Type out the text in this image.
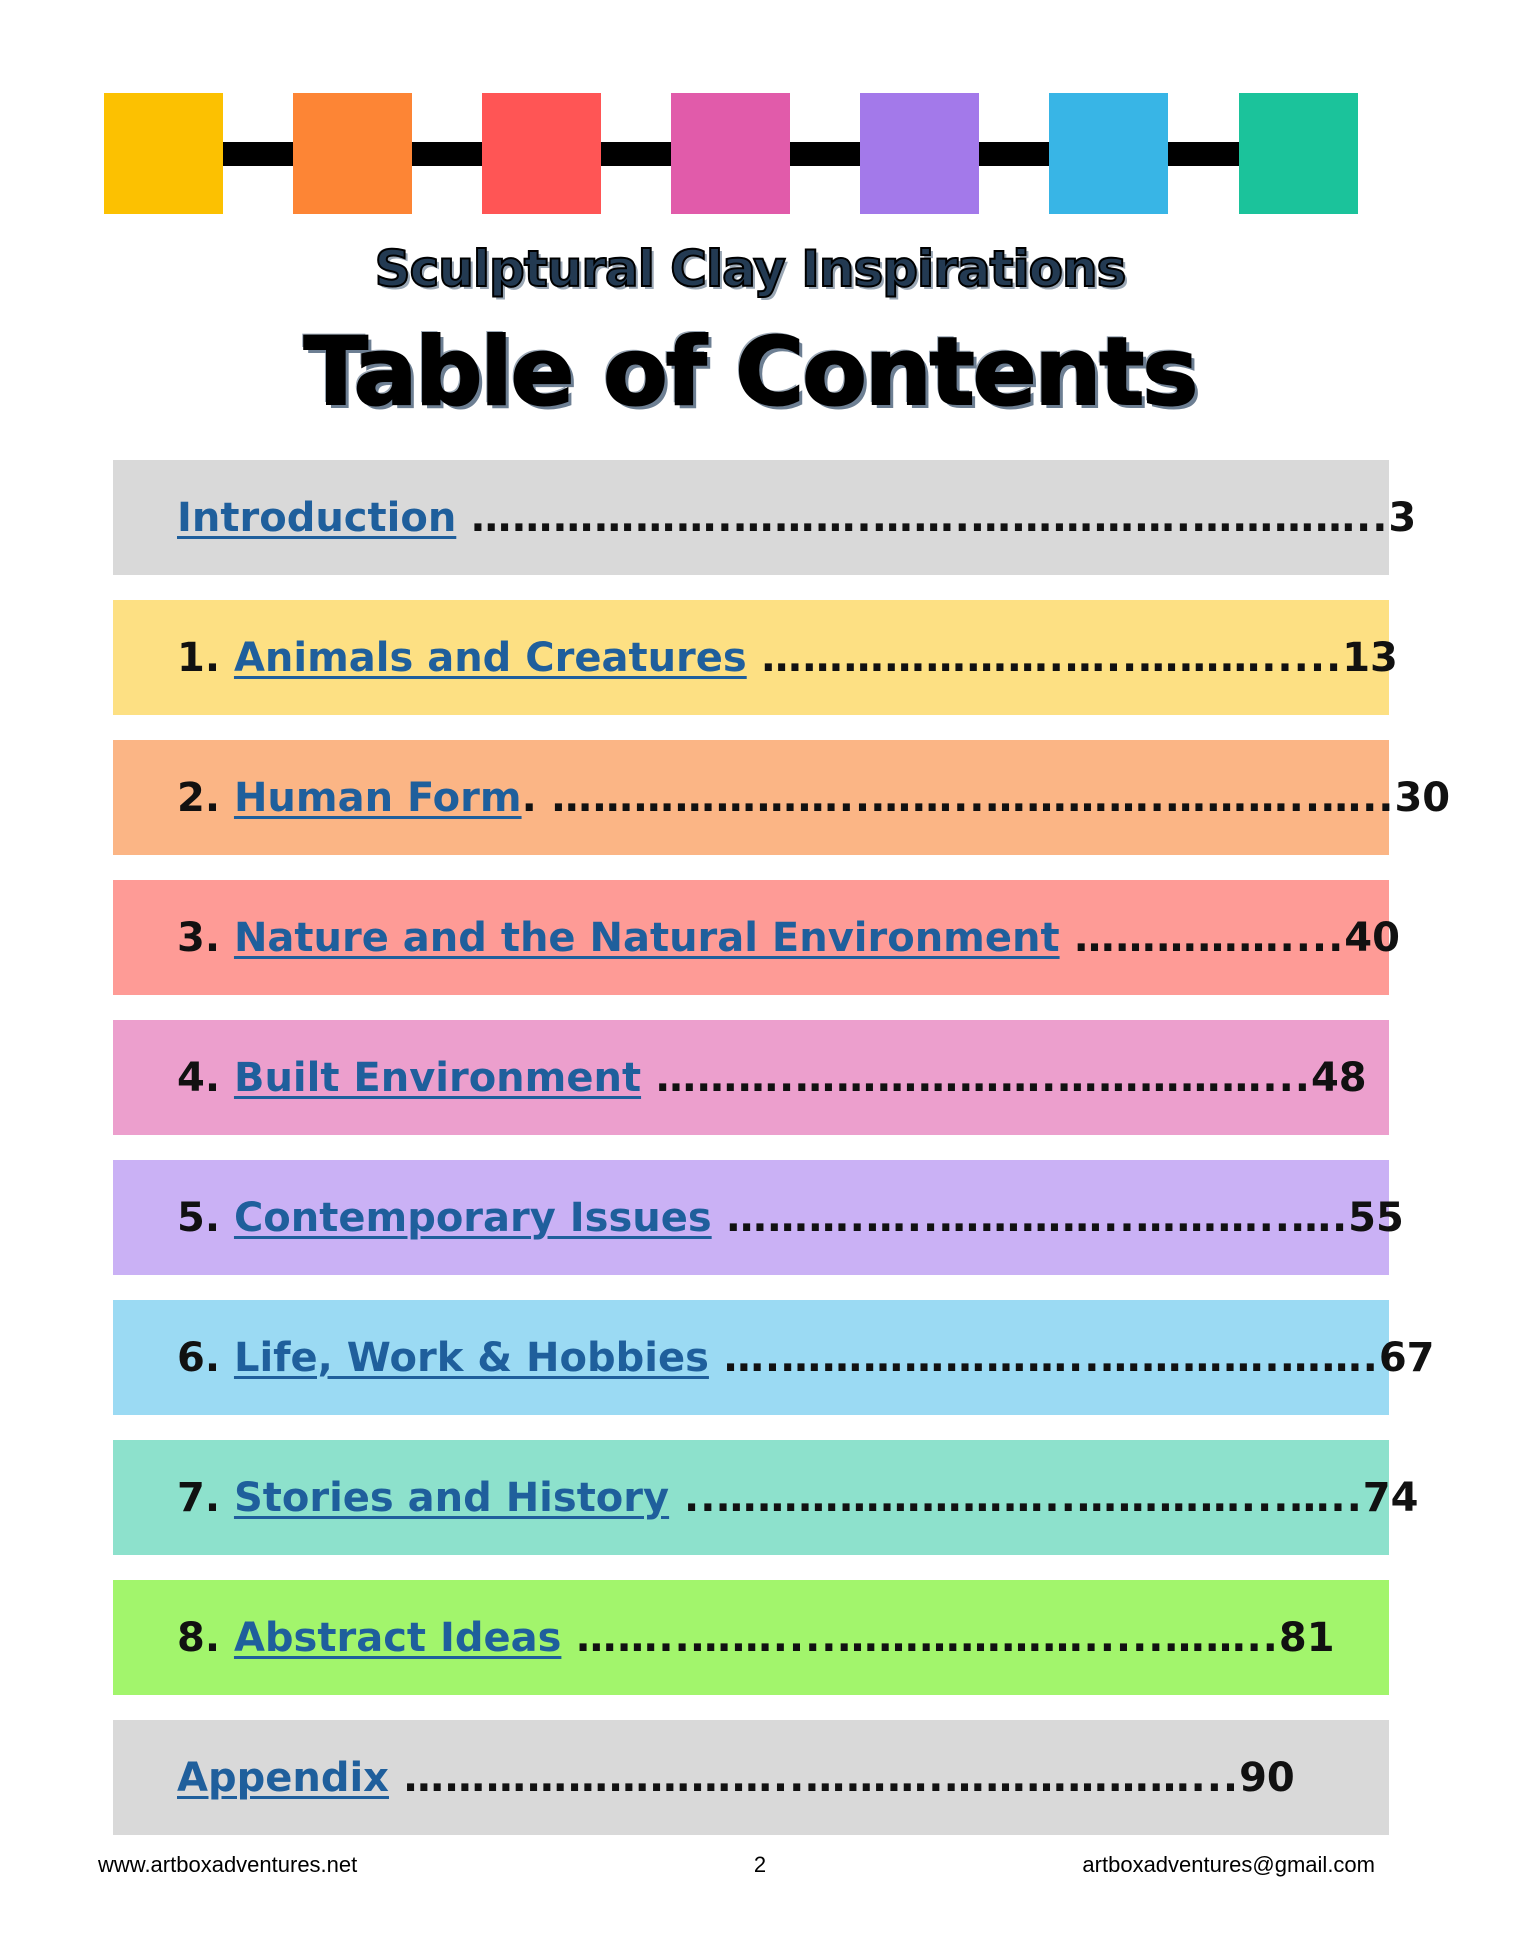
Sculptural Clay Inspirations
Table of Contents
Introduction ……………….……….…….…………….…………..3
1. Animals and Creatures ………………….…..……….....13
2. Human Form. …………………..……..………….………..…..30
3. Nature and the Natural Environment ……………....40
4. Built Environment ……….……………….……………...48
5. Contemporary Issues ……….…..…………..………..….55
6. Life, Work & Hobbies ….…………………..………….…….67
7. Stories and History ..……………………..…………...…..74
8. Abstract Ideas ……..……....……………….....……..81
Appendix ………………………..……….………………...90
www.artboxadventures.net	2	artboxadventures@gmail.com
